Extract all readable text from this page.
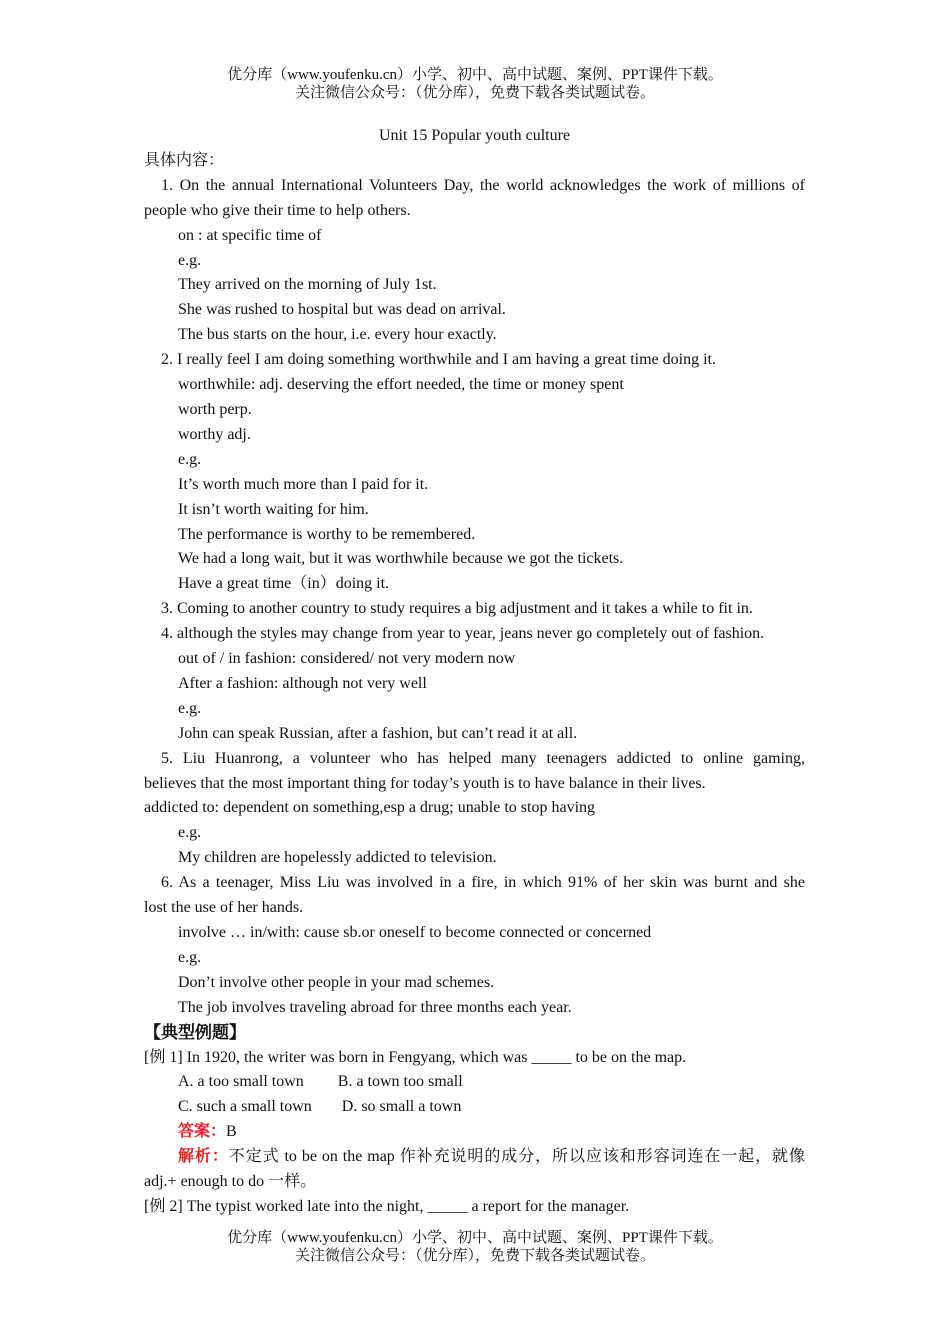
优分库（www.youfenku.cn）小学、初中、高中试题、案例、PPT课件下载。
关注微信公众号：（优分库），免费下载各类试题试卷。
Unit 15 Popular youth culture
具体内容：
1. On the annual International Volunteers Day, the world acknowledges the work of millions of
people who give their time to help others.
on : at specific time of
e.g.
They arrived on the morning of July 1st.
She was rushed to hospital but was dead on arrival.
The bus starts on the hour, i.e. every hour exactly.
2. I really feel I am doing something worthwhile and I am having a great time doing it.
worthwhile: adj. deserving the effort needed, the time or money spent
worth perp.
worthy adj.
e.g.
It’s worth much more than I paid for it.
It isn’t worth waiting for him.
The performance is worthy to be remembered.
We had a long wait, but it was worthwhile because we got the tickets.
Have a great time（in）doing it.
3. Coming to another country to study requires a big adjustment and it takes a while to fit in.
4. although the styles may change from year to year, jeans never go completely out of fashion.
out of / in fashion: considered/ not very modern now
After a fashion: although not very well
e.g.
John can speak Russian, after a fashion, but can’t read it at all.
5. Liu Huanrong, a volunteer who has helped many teenagers addicted to online gaming,
believes that the most important thing for today’s youth is to have balance in their lives.
addicted to: dependent on something,esp a drug; unable to stop having
e.g.
My children are hopelessly addicted to television.
6. As a teenager, Miss Liu was involved in a fire, in which 91% of her skin was burnt and she
lost the use of her hands.
involve … in/with: cause sb.or oneself to become connected or concerned
e.g.
Don’t involve other people in your mad schemes.
The job involves traveling abroad for three months each year.
【典型例题】
[例 1] In 1920, the writer was born in Fengyang, which was _____ to be on the map.
A. a too small town B. a town too small
C. such a small town D. so small a town
答案：B
解析：不定式 to be on the map 作补充说明的成分，所以应该和形容词连在一起，就像 adj.+ enough to do 一样。
[例 2] The typist worked late into the night, _____ a report for the manager.
优分库（www.youfenku.cn）小学、初中、高中试题、案例、PPT课件下载。
关注微信公众号：（优分库），免费下载各类试题试卷。
